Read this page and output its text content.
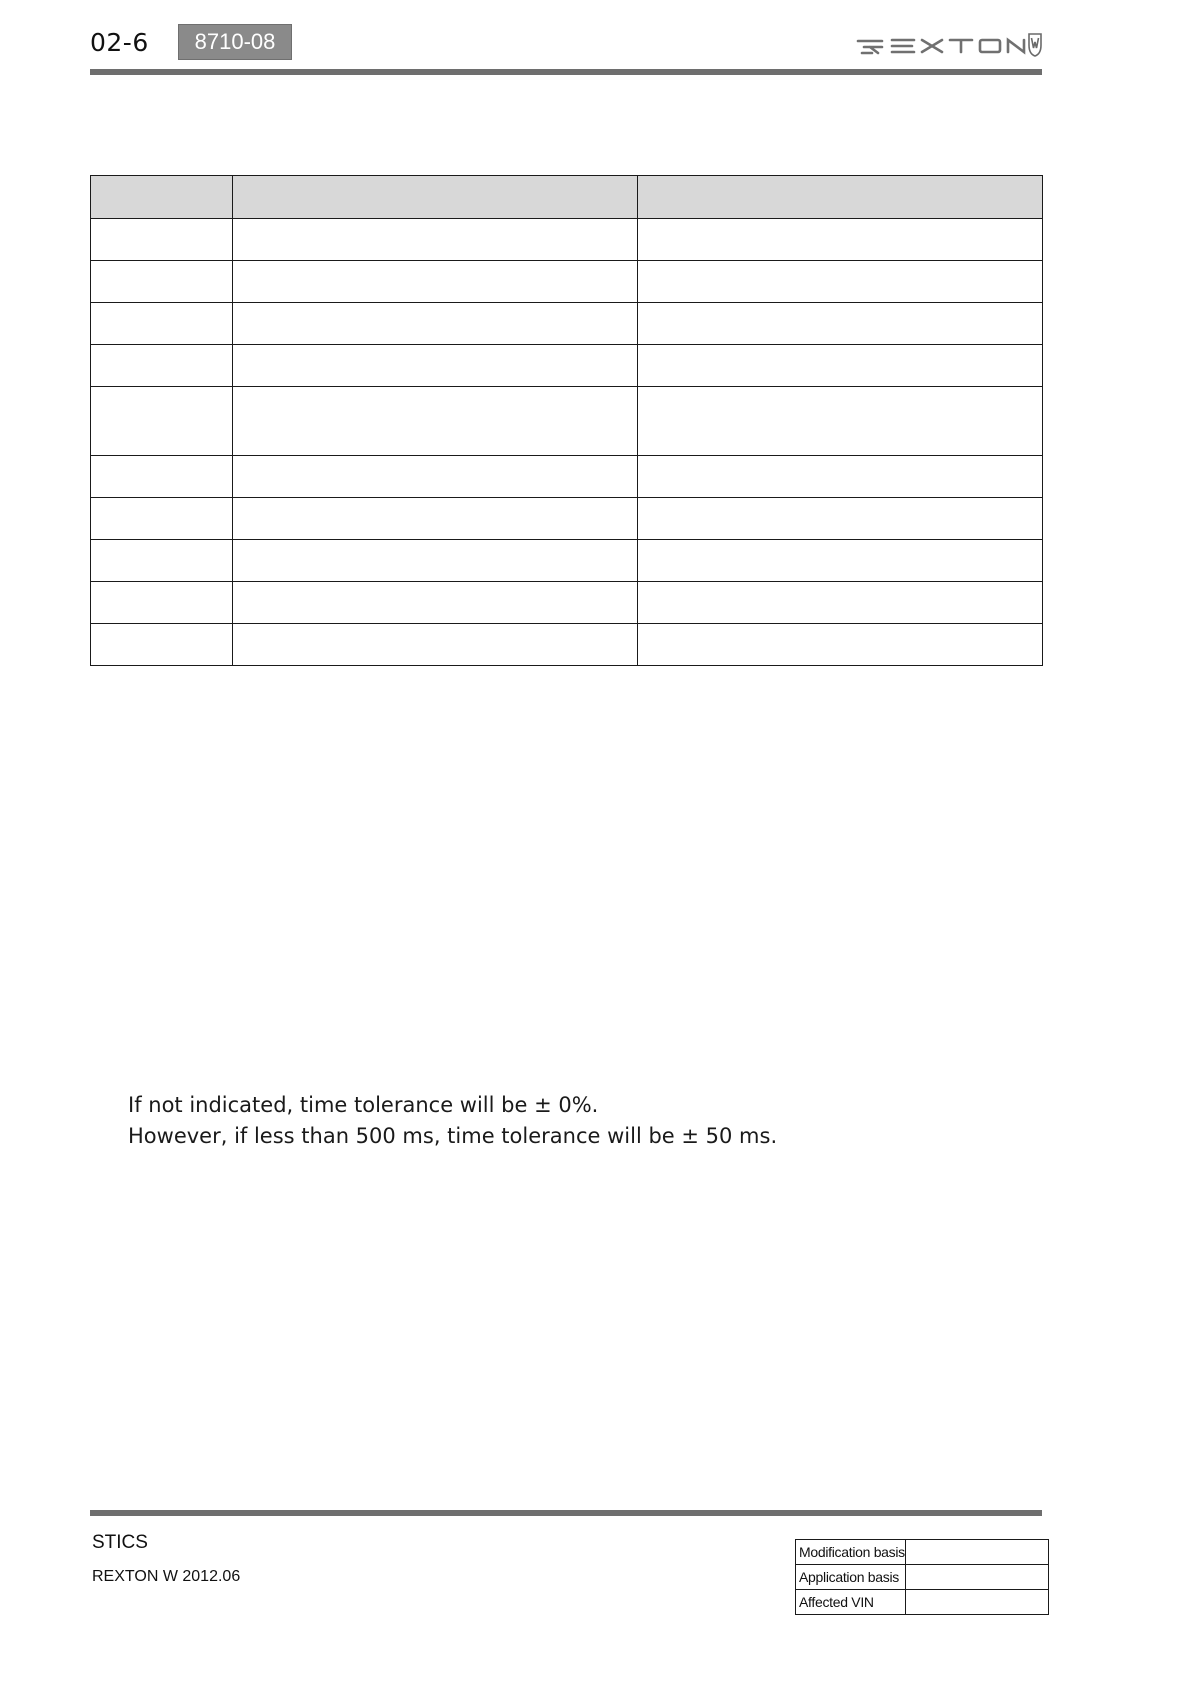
02-6	8710-08

If not indicated, time tolerance will be ± 0%.

However, if less than 500 ms, time tolerance will be ± 50 ms.

STICS
REXTON W 2012.06
Modification basis	
Application basis	
Affected VIN	
